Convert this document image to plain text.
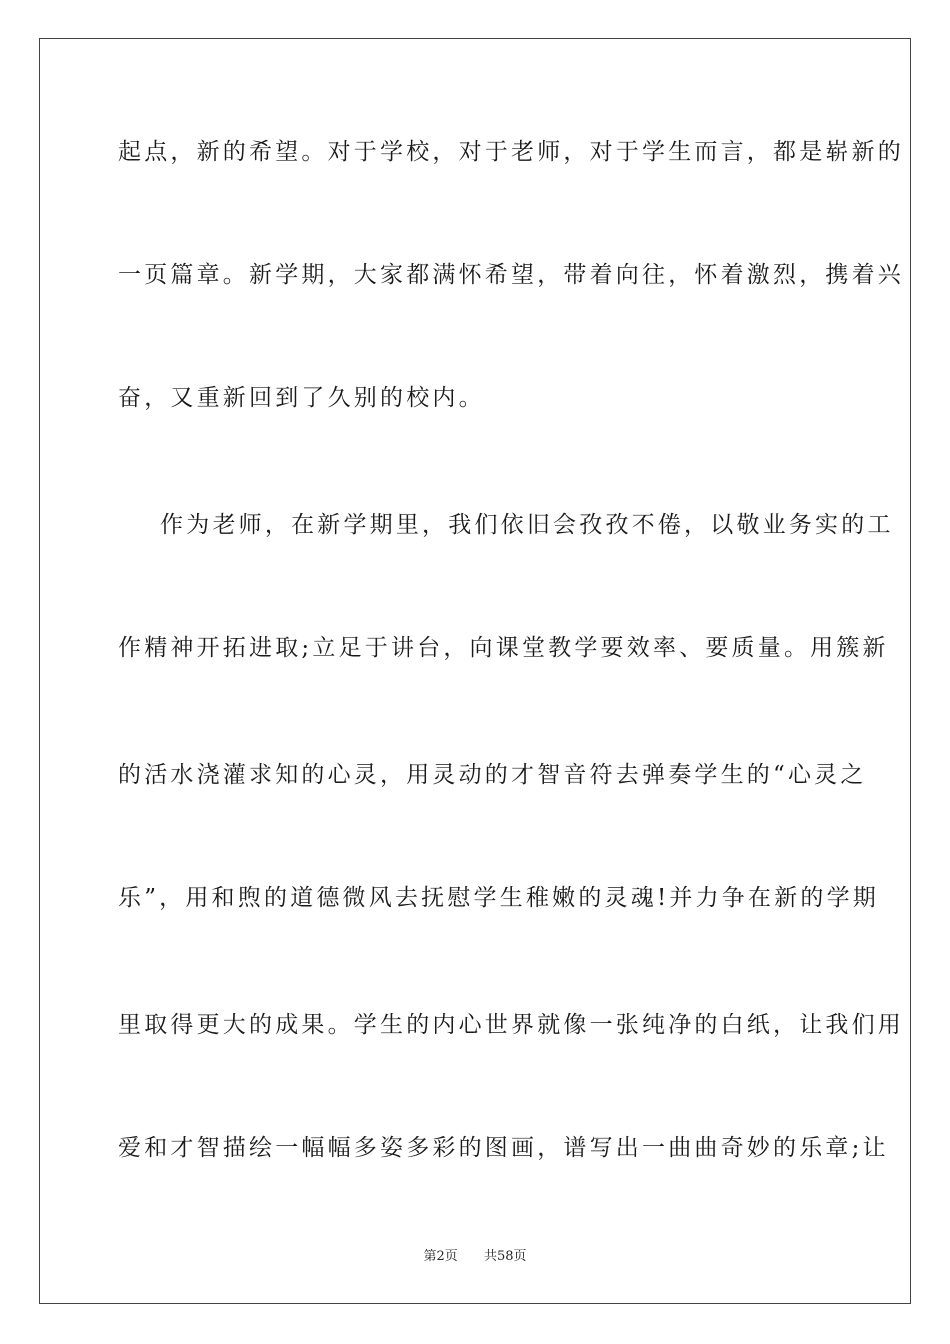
起点，新的希望。对于学校，对于老师，对于学生而言，都是崭新的
一页篇章。新学期，大家都满怀希望，带着向往，怀着激烈，携着兴
奋，又重新回到了久别的校内。
作为老师，在新学期里，我们依旧会孜孜不倦，以敬业务实的工
作精神开拓进取;立足于讲台，向课堂教学要效率、要质量。用簇新
的活水浇灌求知的心灵，用灵动的才智音符去弹奏学生的“心灵之
乐”，用和煦的道德微风去抚慰学生稚嫩的灵魂!并力争在新的学期
里取得更大的成果。学生的内心世界就像一张纯净的白纸，让我们用
爱和才智描绘一幅幅多姿多彩的图画，谱写出一曲曲奇妙的乐章;让
第2页 共58页
